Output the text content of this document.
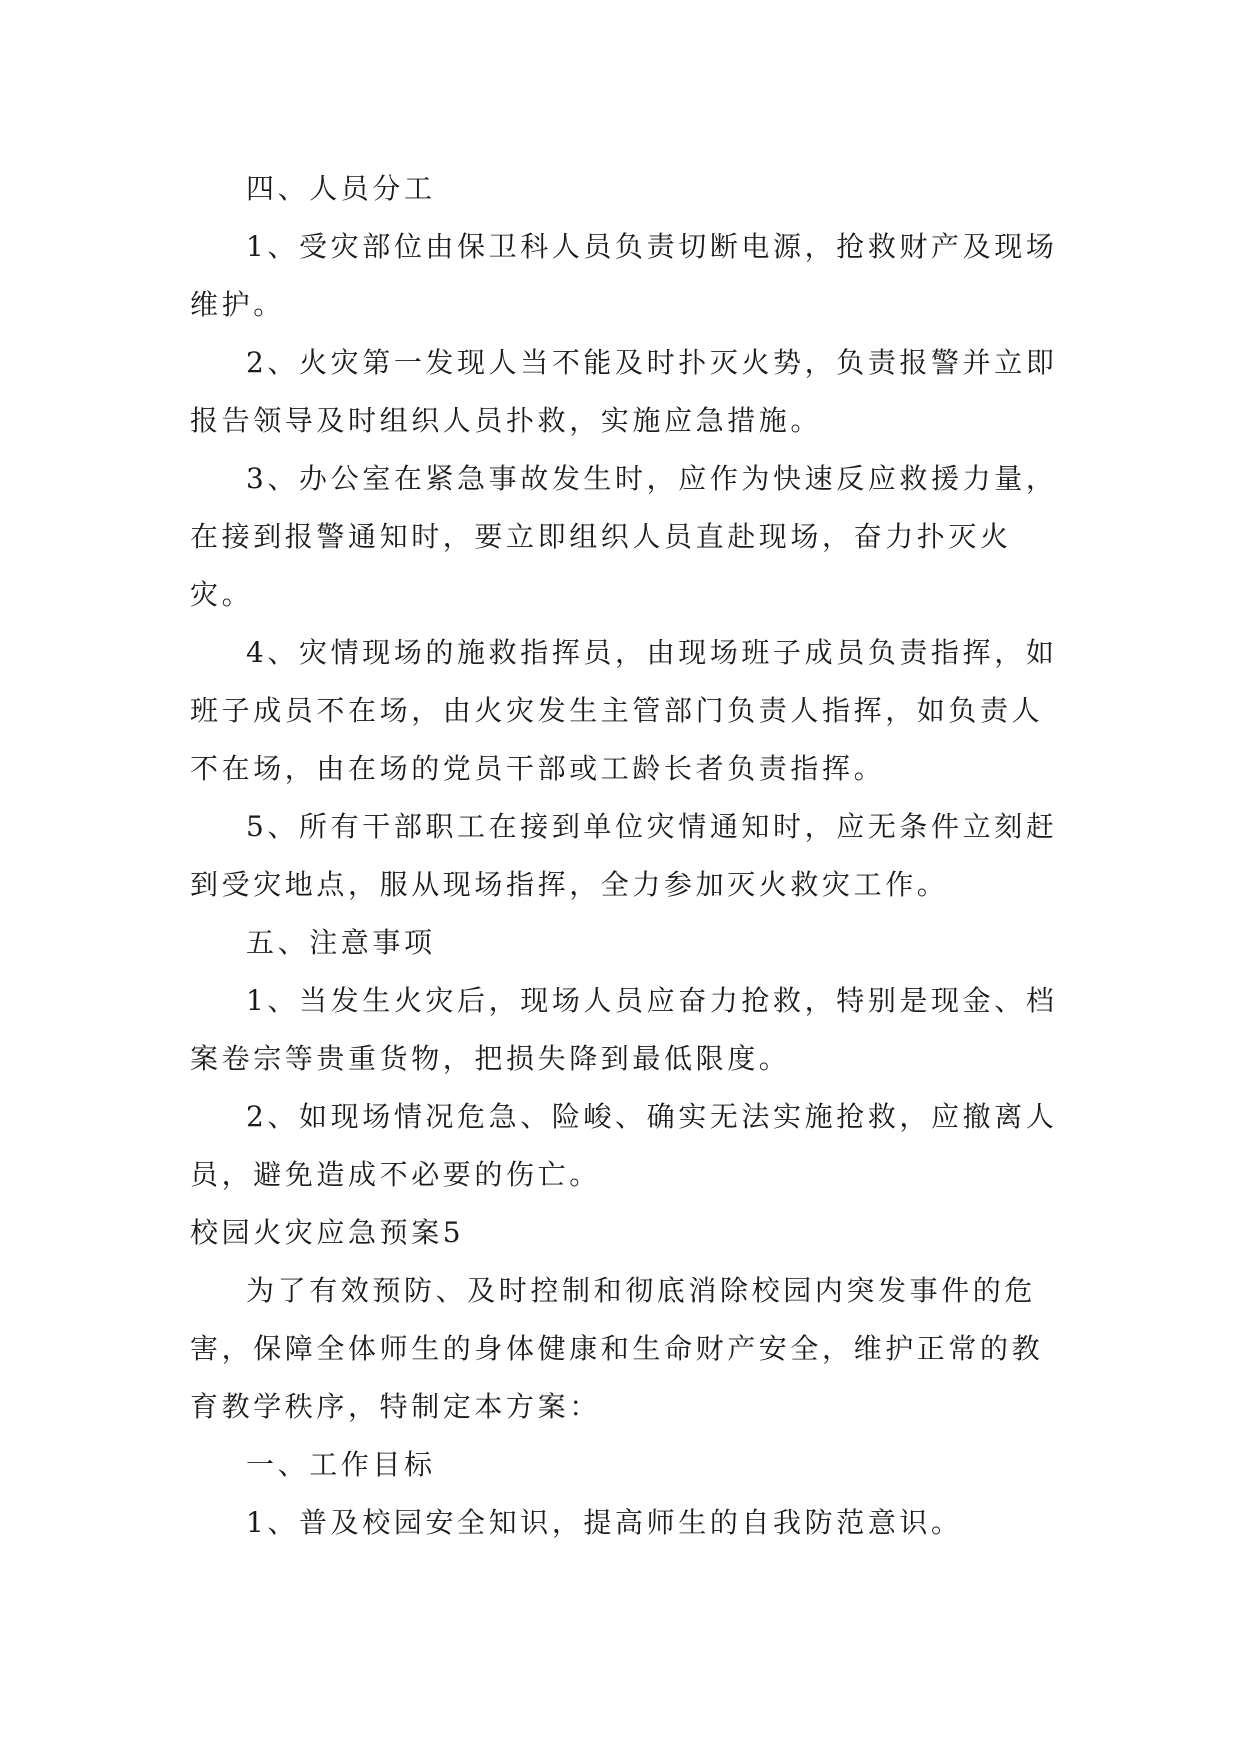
四、人员分工

1、受灾部位由保卫科人员负责切断电源，抢救财产及现场维护。

2、火灾第一发现人当不能及时扑灭火势，负责报警并立即报告领导及时组织人员扑救，实施应急措施。

3、办公室在紧急事故发生时，应作为快速反应救援力量，在接到报警通知时，要立即组织人员直赴现场，奋力扑灭火灾。

4、灾情现场的施救指挥员，由现场班子成员负责指挥，如班子成员不在场，由火灾发生主管部门负责人指挥，如负责人不在场，由在场的党员干部或工龄长者负责指挥。

5、所有干部职工在接到单位灾情通知时，应无条件立刻赶到受灾地点，服从现场指挥，全力参加灭火救灾工作。

五、注意事项

1、当发生火灾后，现场人员应奋力抢救，特别是现金、档案卷宗等贵重货物，把损失降到最低限度。

2、如现场情况危急、险峻、确实无法实施抢救，应撤离人员，避免造成不必要的伤亡。

校园火灾应急预案5

为了有效预防、及时控制和彻底消除校园内突发事件的危害，保障全体师生的身体健康和生命财产安全，维护正常的教育教学秩序，特制定本方案：

一、工作目标

1、普及校园安全知识，提高师生的自我防范意识。
